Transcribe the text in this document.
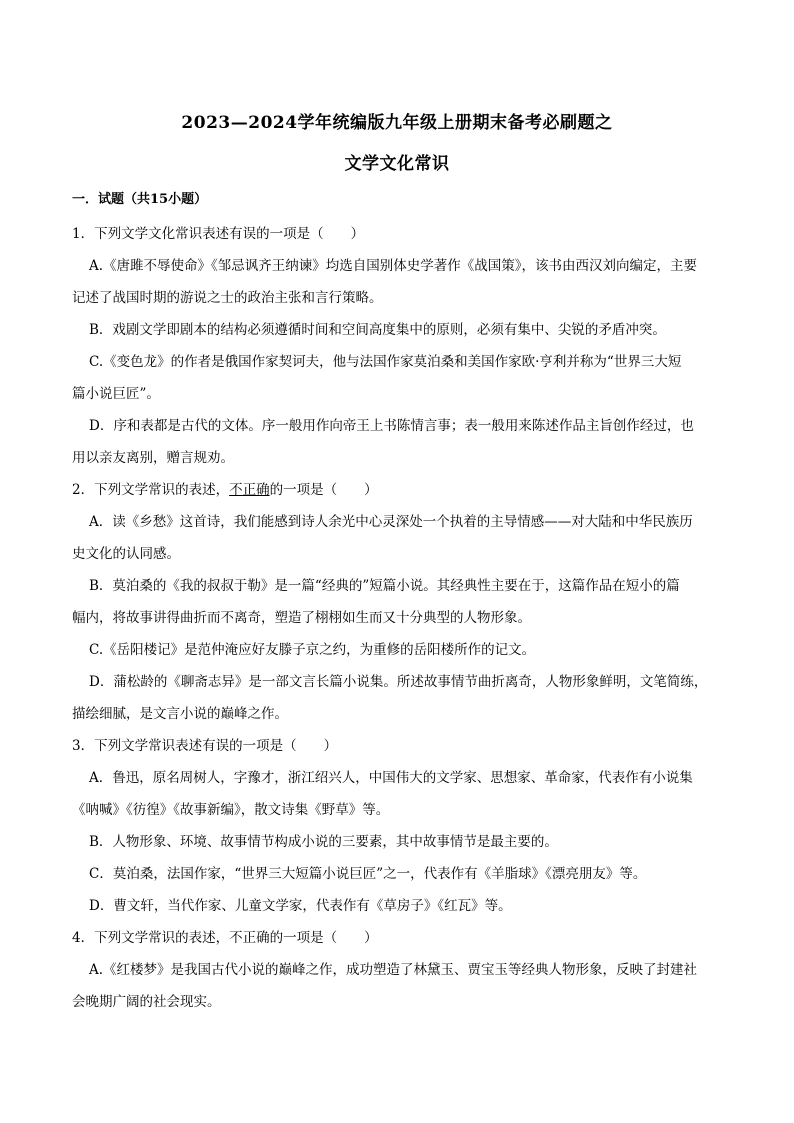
2023—2024学年统编版九年级上册期末备考必刷题之
文学文化常识
一．试题（共15小题）

1．下列文学文化常识表述有误的一项是（　　）

A.《唐雎不辱使命》《邹忌讽齐王纳谏》均选自国别体史学著作《战国策》，该书由西汉刘向编定，主要

记述了战国时期的游说之士的政治主张和言行策略。

B．戏剧文学即剧本的结构必须遵循时间和空间高度集中的原则，必须有集中、尖锐的矛盾冲突。

C.《变色龙》的作者是俄国作家契诃夫，他与法国作家莫泊桑和美国作家欧·亨利并称为“世界三大短

篇小说巨匠”。

D．序和表都是古代的文体。序一般用作向帝王上书陈情言事；表一般用来陈述作品主旨创作经过，也

用以亲友离别，赠言规劝。

2．下列文学常识的表述，不正确的一项是（　　）

A．读《乡愁》这首诗，我们能感到诗人余光中心灵深处一个执着的主导情感——对大陆和中华民族历

史文化的认同感。

B．莫泊桑的《我的叔叔于勒》是一篇“经典的”短篇小说。其经典性主要在于，这篇作品在短小的篇

幅内，将故事讲得曲折而不离奇，塑造了栩栩如生而又十分典型的人物形象。

C.《岳阳楼记》是范仲淹应好友滕子京之约，为重修的岳阳楼所作的记文。

D．蒲松龄的《聊斋志异》是一部文言长篇小说集。所述故事情节曲折离奇，人物形象鲜明，文笔简练，

描绘细腻，是文言小说的巅峰之作。

3．下列文学常识表述有误的一项是（　　）

A．鲁迅，原名周树人，字豫才，浙江绍兴人，中国伟大的文学家、思想家、革命家，代表作有小说集

《呐喊》《彷徨》《故事新编》，散文诗集《野草》等。

B．人物形象、环境、故事情节构成小说的三要素，其中故事情节是最主要的。

C．莫泊桑，法国作家，“世界三大短篇小说巨匠”之一，代表作有《羊脂球》《漂亮朋友》等。

D．曹文轩，当代作家、儿童文学家，代表作有《草房子》《红瓦》等。

4．下列文学常识的表述，不正确的一项是（　　）

A.《红楼梦》是我国古代小说的巅峰之作，成功塑造了林黛玉、贾宝玉等经典人物形象，反映了封建社

会晚期广阔的社会现实。
